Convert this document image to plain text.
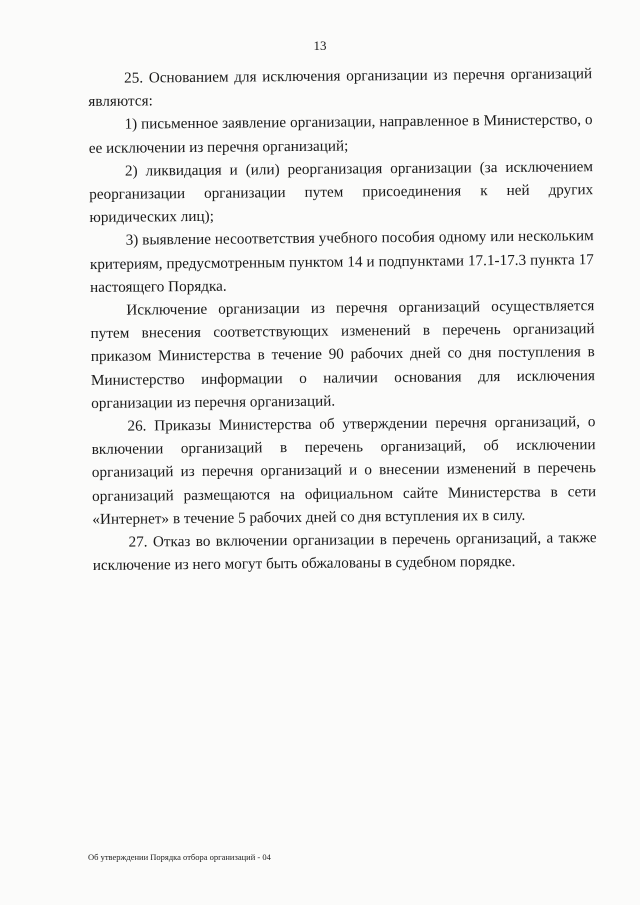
13

25. Основанием для исключения организации из перечня организаций являются:

1) письменное заявление организации, направленное в Министерство, о ее исключении из перечня организаций;

2) ликвидация и (или) реорганизация организации (за исключением реорганизации организации путем присоединения к ней других юридических лиц);

3) выявление несоответствия учебного пособия одному или нескольким критериям, предусмотренным пунктом 14 и подпунктами 17.1-17.3 пункта 17 настоящего Порядка.

Исключение организации из перечня организаций осуществляется путем внесения соответствующих изменений в перечень организаций приказом Министерства в течение 90 рабочих дней со дня поступления в Министерство информации о наличии основания для исключения организации из перечня организаций.

26. Приказы Министерства об утверждении перечня организаций, о включении организаций в перечень организаций, об исключении организаций из перечня организаций и о внесении изменений в перечень организаций размещаются на официальном сайте Министерства в сети «Интернет» в течение 5 рабочих дней со дня вступления их в силу.

27. Отказ во включении организации в перечень организаций, а также исключение из него могут быть обжалованы в судебном порядке.

Об утверждении Порядка отбора организаций - 04
